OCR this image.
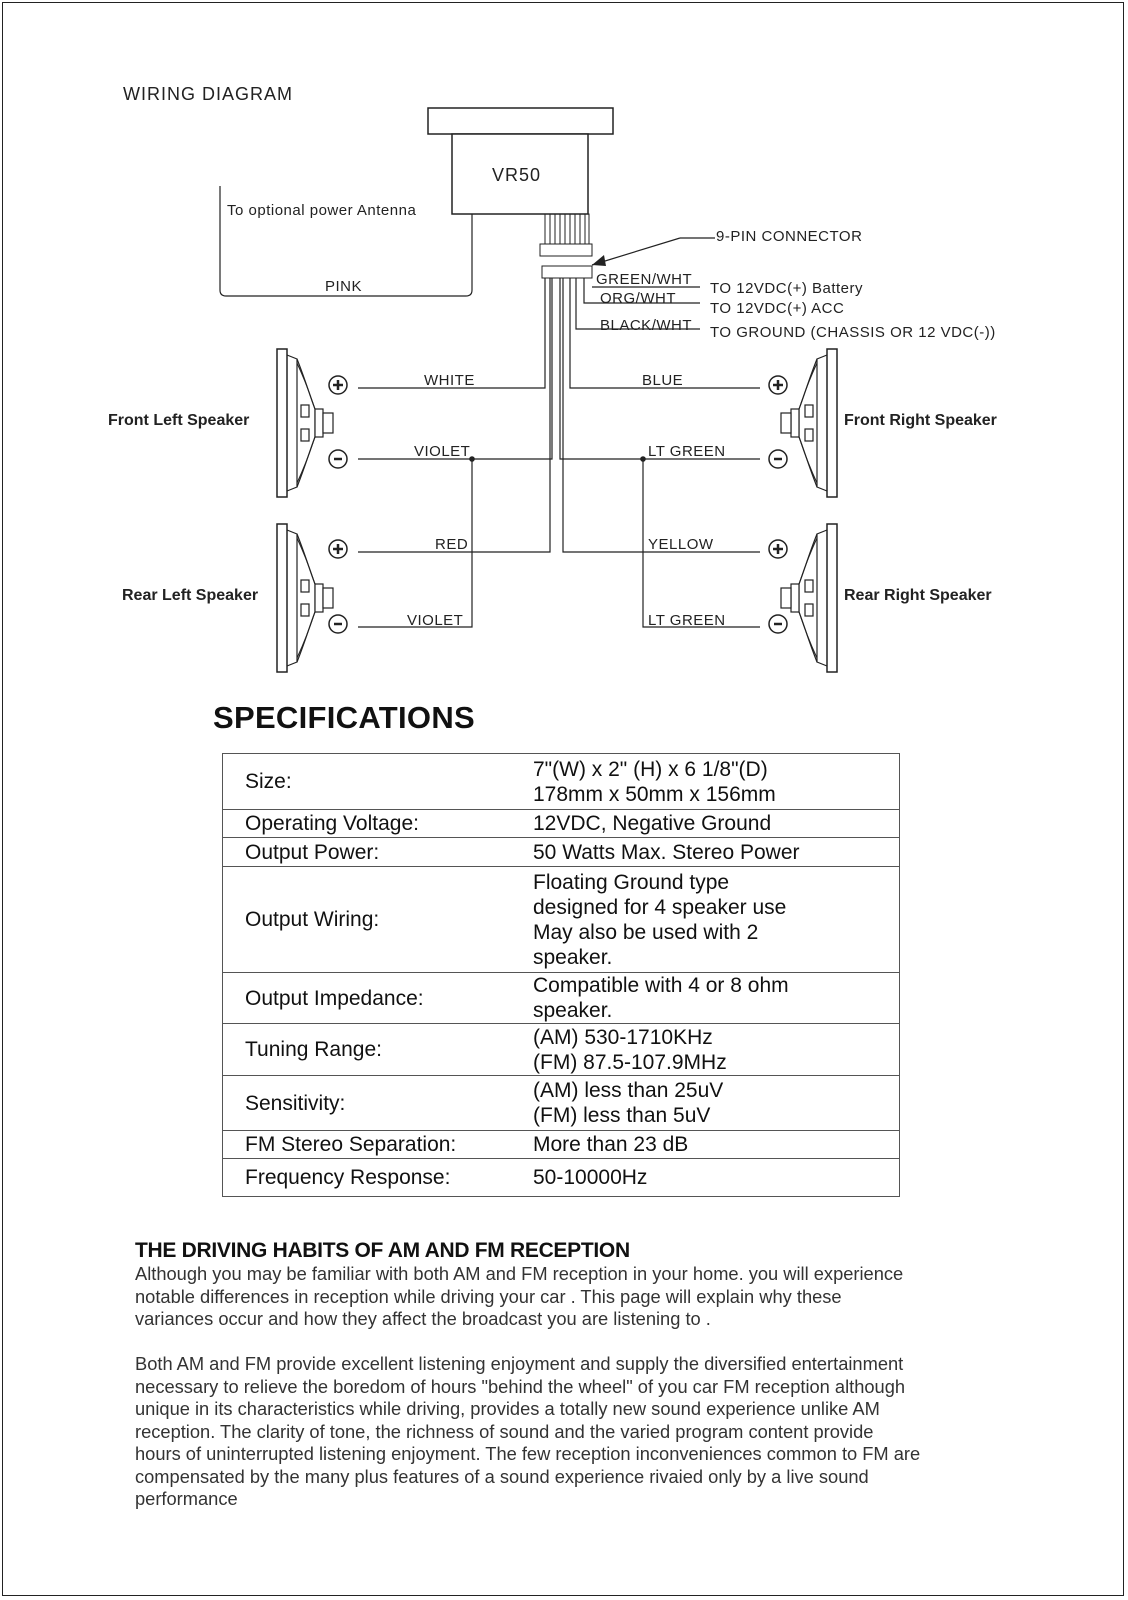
WIRING DIAGRAM
VR50
To optional power Antenna
PINK
9-PIN CONNECTOR
GREEN/WHT
TO 12VDC(+) Battery
ORG/WHT
TO 12VDC(+) ACC
BLACK/WHT TO GROUND (CHASSIS OR 12 VDC(-))
WHITE
VIOLET
RED
VIOLET
BLUE
LT GREEN
YELLOW
LT GREEN
Front Left Speaker
Rear Left Speaker
Front Right Speaker
Rear Right Speaker
SPECIFICATIONS
Size:	7"(W) x 2" (H) x 6 1/8"(D)
178mm x 50mm x 156mm
Operating Voltage:	12VDC, Negative Ground
Output Power:	50 Watts Max. Stereo Power
Output Wiring:	Floating Ground type
designed for 4 speaker use
May also be used with 2
speaker.
Output Impedance:	Compatible with 4 or 8 ohm
speaker.
Tuning Range:	(AM) 530-1710KHz
(FM) 87.5-107.9MHz
Sensitivity:	(AM) less than 25uV
(FM) less than 5uV
FM Stereo Separation:	More than 23 dB
Frequency Response:	50-10000Hz
THE DRIVING HABITS OF AM AND FM RECEPTION

Although you may be familiar with both AM and FM reception in your home. you will experience
notable differences in reception while driving your car . This page will explain why these
variances occur and how they affect the broadcast you are listening to .

Both AM and FM provide excellent listening enjoyment and supply the diversified entertainment
necessary to relieve the boredom of hours "behind the wheel" of you car FM reception although
unique in its characteristics while driving, provides a totally new sound experience unlike AM
reception. The clarity of tone, the richness of sound and the varied program content provide
hours of uninterrupted listening enjoyment. The few reception inconveniences common to FM are
compensated by the many plus features of a sound experience rivaied only by a live sound
performance
